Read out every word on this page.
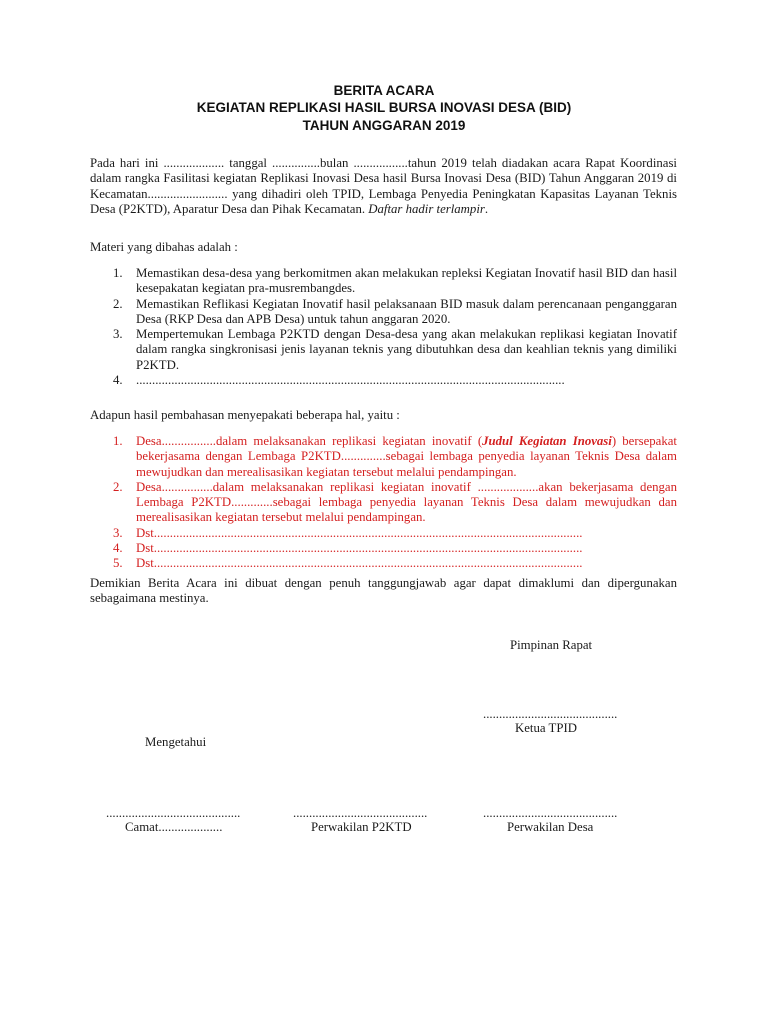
BERITA ACARA
KEGIATAN REPLIKASI HASIL BURSA INOVASI DESA (BID)
TAHUN ANGGARAN 2019
Pada hari ini ................... tanggal ...............bulan .................tahun 2019 telah diadakan acara Rapat Koordinasi dalam rangka Fasilitasi kegiatan Replikasi Inovasi Desa hasil Bursa Inovasi Desa (BID) Tahun Anggaran 2019 di Kecamatan......................... yang dihadiri oleh TPID, Lembaga Penyedia Peningkatan Kapasitas Layanan Teknis Desa (P2KTD), Aparatur Desa dan Pihak Kecamatan. Daftar hadir terlampir.
Materi yang dibahas adalah :
1. Memastikan desa-desa yang berkomitmen akan melakukan repleksi Kegiatan Inovatif hasil BID dan hasil kesepakatan kegiatan pra-musrembangdes.
2. Memastikan Reflikasi Kegiatan Inovatif hasil pelaksanaan BID masuk dalam perencanaan penganggaran Desa (RKP Desa dan APB Desa) untuk tahun anggaran 2020.
3. Mempertemukan Lembaga P2KTD dengan Desa-desa yang akan melakukan replikasi kegiatan Inovatif dalam rangka singkronisasi jenis layanan teknis yang dibutuhkan desa dan keahlian teknis yang dimiliki P2KTD.
4. ......................................................................................................................................
Adapun hasil pembahasan menyepakati beberapa hal, yaitu :
1. Desa.................dalam melaksanakan replikasi kegiatan inovatif (Judul Kegiatan Inovasi) bersepakat bekerjasama dengan Lembaga P2KTD..............sebagai lembaga penyedia layanan Teknis Desa dalam mewujudkan dan merealisasikan kegiatan tersebut melalui pendampingan.
2. Desa................dalam melaksanakan replikasi kegiatan inovatif ...................akan bekerjasama dengan Lembaga P2KTD.............sebagai lembaga penyedia layanan Teknis Desa dalam mewujudkan dan merealisasikan kegiatan tersebut melalui pendampingan.
3. Dst......................................................................................................................................
4. Dst......................................................................................................................................
5. Dst......................................................................................................................................
Demikian Berita Acara ini dibuat dengan penuh tanggungjawab agar dapat dimaklumi dan dipergunakan sebagaimana mestinya.
Pimpinan Rapat
..........................................
Ketua TPID
Mengetahui
..........................................
Camat....................
..........................................
Perwakilan P2KTD
..........................................
Perwakilan Desa
